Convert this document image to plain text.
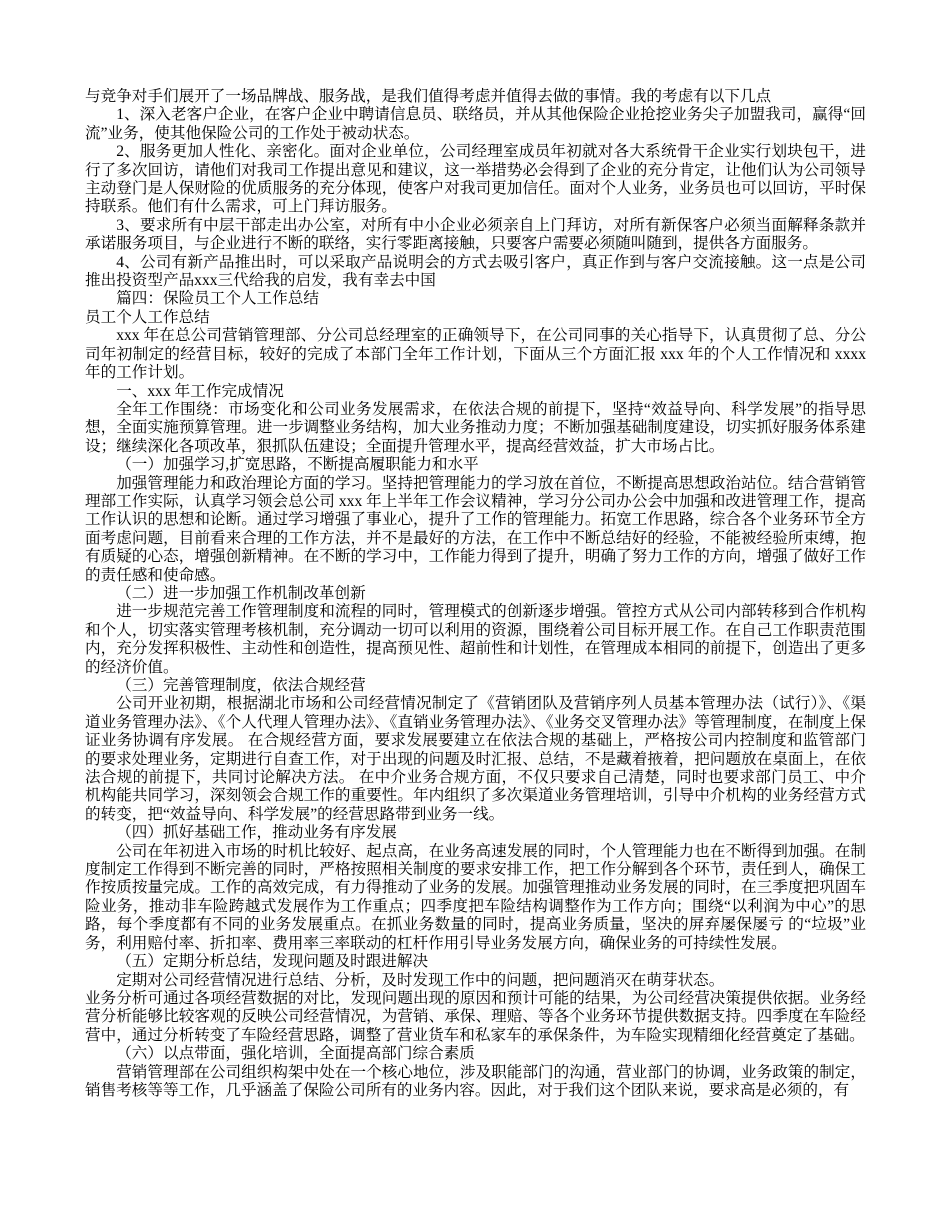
与竞争对手们展开了一场品牌战、服务战，是我们值得考虑并值得去做的事情。我的考虑有以下几点

1、深入老客户企业，在客户企业中聘请信息员、联络员，并从其他保险企业抢挖业务尖子加盟我司，赢得“回流”业务，使其他保险公司的工作处于被动状态。

2、服务更加人性化、亲密化。面对企业单位，公司经理室成员年初就对各大系统骨干企业实行划块包干，进行了多次回访，请他们对我司工作提出意见和建议，这一举措势必会得到了企业的充分肯定，让他们认为公司领导主动登门是人保财险的优质服务的充分体现，使客户对我司更加信任。面对个人业务，业务员也可以回访，平时保持联系。他们有什么需求，可上门拜访服务。

3、要求所有中层干部走出办公室，对所有中小企业必须亲自上门拜访，对所有新保客户必须当面解释条款并承诺服务项目，与企业进行不断的联络，实行零距离接触，只要客户需要必须随叫随到，提供各方面服务。

4、公司有新产品推出时，可以采取产品说明会的方式去吸引客户，真正作到与客户交流接触。这一点是公司推出投资型产品xxx三代给我的启发，我有幸去中国

篇四：保险员工个人工作总结

员工个人工作总结

xxx 年在总公司营销管理部、分公司总经理室的正确领导下，在公司同事的关心指导下，认真贯彻了总、分公司年初制定的经营目标，较好的完成了本部门全年工作计划，下面从三个方面汇报 xxx 年的个人工作情况和 xxxx 年的工作计划。

一、xxx 年工作完成情况

全年工作围绕：市场变化和公司业务发展需求，在依法合规的前提下，坚持“效益导向、科学发展”的指导思想，全面实施预算管理。进一步调整业务结构，加大业务推动力度；不断加强基础制度建设，切实抓好服务体系建设；继续深化各项改革，狠抓队伍建设；全面提升管理水平，提高经营效益，扩大市场占比。

（一）加强学习,扩宽思路，不断提高履职能力和水平

加强管理能力和政治理论方面的学习。坚持把管理能力的学习放在首位，不断提高思想政治站位。结合营销管理部工作实际，认真学习领会总公司 xxx 年上半年工作会议精神，学习分公司办公会中加强和改进管理工作，提高工作认识的思想和论断。通过学习增强了事业心，提升了工作的管理能力。拓宽工作思路，综合各个业务环节全方面考虑问题，目前看来合理的工作方法，并不是最好的方法，在工作中不断总结好的经验，不能被经验所束缚，抱有质疑的心态，增强创新精神。在不断的学习中，工作能力得到了提升，明确了努力工作的方向，增强了做好工作的责任感和使命感。

（二）进一步加强工作机制改革创新

进一步规范完善工作管理制度和流程的同时，管理模式的创新逐步增强。管控方式从公司内部转移到合作机构和个人，切实落实管理考核机制，充分调动一切可以利用的资源，围绕着公司目标开展工作。在自己工作职责范围内，充分发挥积极性、主动性和创造性，提高预见性、超前性和计划性，在管理成本相同的前提下，创造出了更多的经济价值。

（三）完善管理制度，依法合规经营

公司开业初期，根据湖北市场和公司经营情况制定了《营销团队及营销序列人员基本管理办法（试行）》、《渠道业务管理办法》、《个人代理人管理办法》、《直销业务管理办法》、《业务交叉管理办法》等管理制度，在制度上保证业务协调有序发展。 在合规经营方面，要求发展要建立在依法合规的基础上，严格按公司内控制度和监管部门的要求处理业务，定期进行自查工作，对于出现的问题及时汇报、总结，不是藏着掖着，把问题放在桌面上，在依法合规的前提下，共同讨论解决方法。 在中介业务合规方面，不仅只要求自己清楚，同时也要求部门员工、中介机构能共同学习，深刻领会合规工作的重要性。年内组织了多次渠道业务管理培训，引导中介机构的业务经营方式的转变，把“效益导向、科学发展”的经营思路带到业务一线。

（四）抓好基础工作，推动业务有序发展

公司在年初进入市场的时机比较好、起点高，在业务高速发展的同时，个人管理能力也在不断得到加强。在制度制定工作得到不断完善的同时，严格按照相关制度的要求安排工作，把工作分解到各个环节，责任到人，确保工作按质按量完成。工作的高效完成，有力得推动了业务的发展。加强管理推动业务发展的同时，在三季度把巩固车险业务，推动非车险跨越式发展作为工作重点；四季度把车险结构调整作为工作方向；围绕“以利润为中心”的思路，每个季度都有不同的业务发展重点。在抓业务数量的同时，提高业务质量，坚决的屏弃屡保屡亏 的“垃圾”业务，利用赔付率、折扣率、费用率三率联动的杠杆作用引导业务发展方向，确保业务的可持续性发展。

（五）定期分析总结，发现问题及时跟进解决

定期对公司经营情况进行总结、分析，及时发现工作中的问题，把问题消灭在萌芽状态。

业务分析可通过各项经营数据的对比，发现问题出现的原因和预计可能的结果，为公司经营决策提供依据。业务经营分析能够比较客观的反映公司经营情况，为营销、承保、理赔、等各个业务环节提供数据支持。四季度在车险经营中，通过分析转变了车险经营思路，调整了营业货车和私家车的承保条件，为车险实现精细化经营奠定了基础。

（六）以点带面，强化培训，全面提高部门综合素质

营销管理部在公司组织构架中处在一个核心地位，涉及职能部门的沟通，营业部门的协调，业务政策的制定，销售考核等等工作，几乎涵盖了保险公司所有的业务内容。因此，对于我们这个团队来说，要求高是必须的，有
